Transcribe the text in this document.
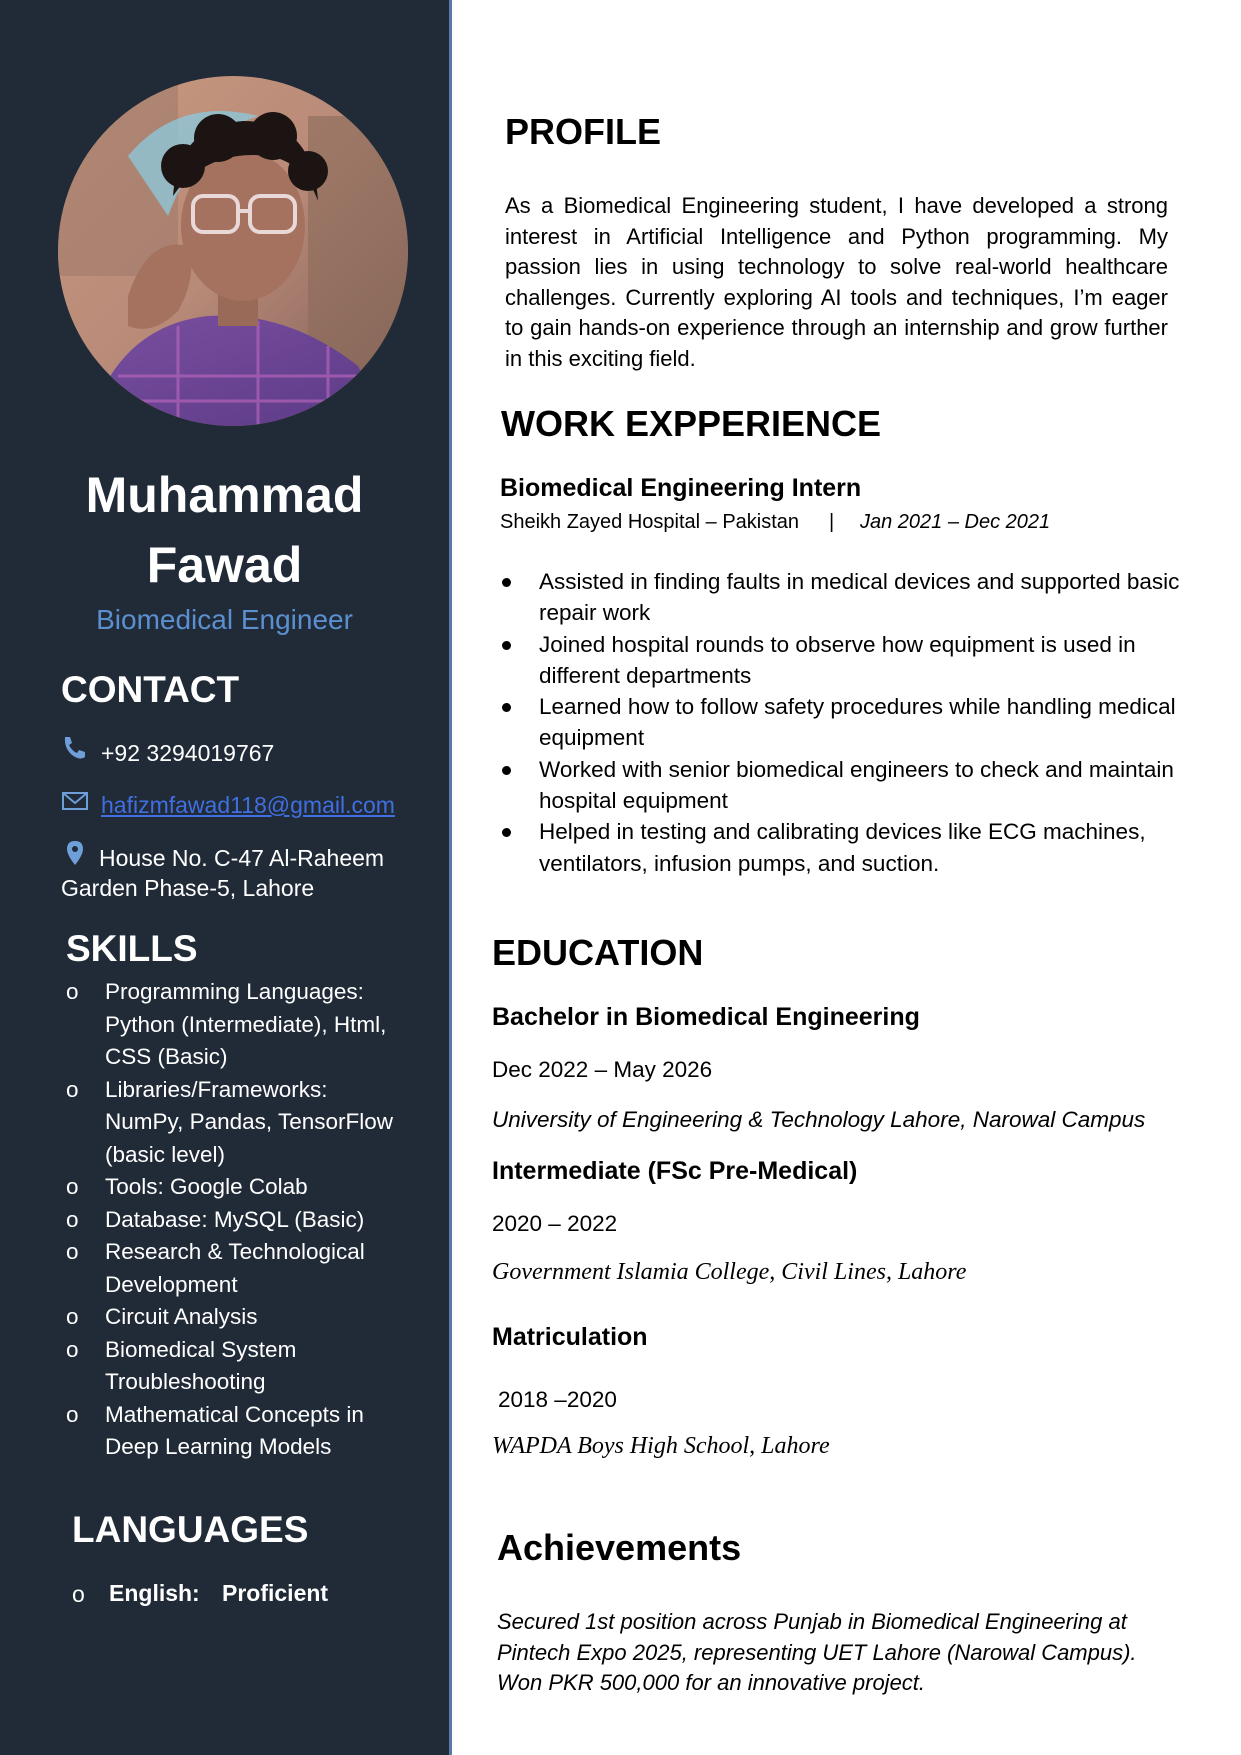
Muhammad
Fawad
Biomedical Engineer
CONTACT
+92 3294019767
hafizmfawad118@gmail.com
House No. C-47 Al-Raheem
Garden Phase-5, Lahore
SKILLS
o Programming Languages: Python (Intermediate), Html, CSS (Basic)
o Libraries/Frameworks: NumPy, Pandas, TensorFlow (basic level)
o Tools: Google Colab
o Database: MySQL (Basic)
o Research & Technological Development
o Circuit Analysis
o Biomedical System Troubleshooting
o Mathematical Concepts in Deep Learning Models
LANGUAGES
o English: Proficient
PROFILE
As a Biomedical Engineering student, I have developed a strong interest in Artificial Intelligence and Python programming. My passion lies in using technology to solve real-world healthcare challenges. Currently exploring AI tools and techniques, I’m eager to gain hands-on experience through an internship and grow further in this exciting field.
WORK EXPPERIENCE
Biomedical Engineering Intern
Sheikh Zayed Hospital – Pakistan | Jan 2021 – Dec 2021
Assisted in finding faults in medical devices and supported basic repair work
Joined hospital rounds to observe how equipment is used in different departments
Learned how to follow safety procedures while handling medical equipment
Worked with senior biomedical engineers to check and maintain hospital equipment
Helped in testing and calibrating devices like ECG machines, ventilators, infusion pumps, and suction.
EDUCATION
Bachelor in Biomedical Engineering
Dec 2022 – May 2026
University of Engineering & Technology Lahore, Narowal Campus
Intermediate (FSc Pre-Medical)
2020 – 2022
Government Islamia College, Civil Lines, Lahore
Matriculation
2018 –2020
WAPDA Boys High School, Lahore
Achievements
Secured 1st position across Punjab in Biomedical Engineering at Pintech Expo 2025, representing UET Lahore (Narowal Campus). Won PKR 500,000 for an innovative project.
